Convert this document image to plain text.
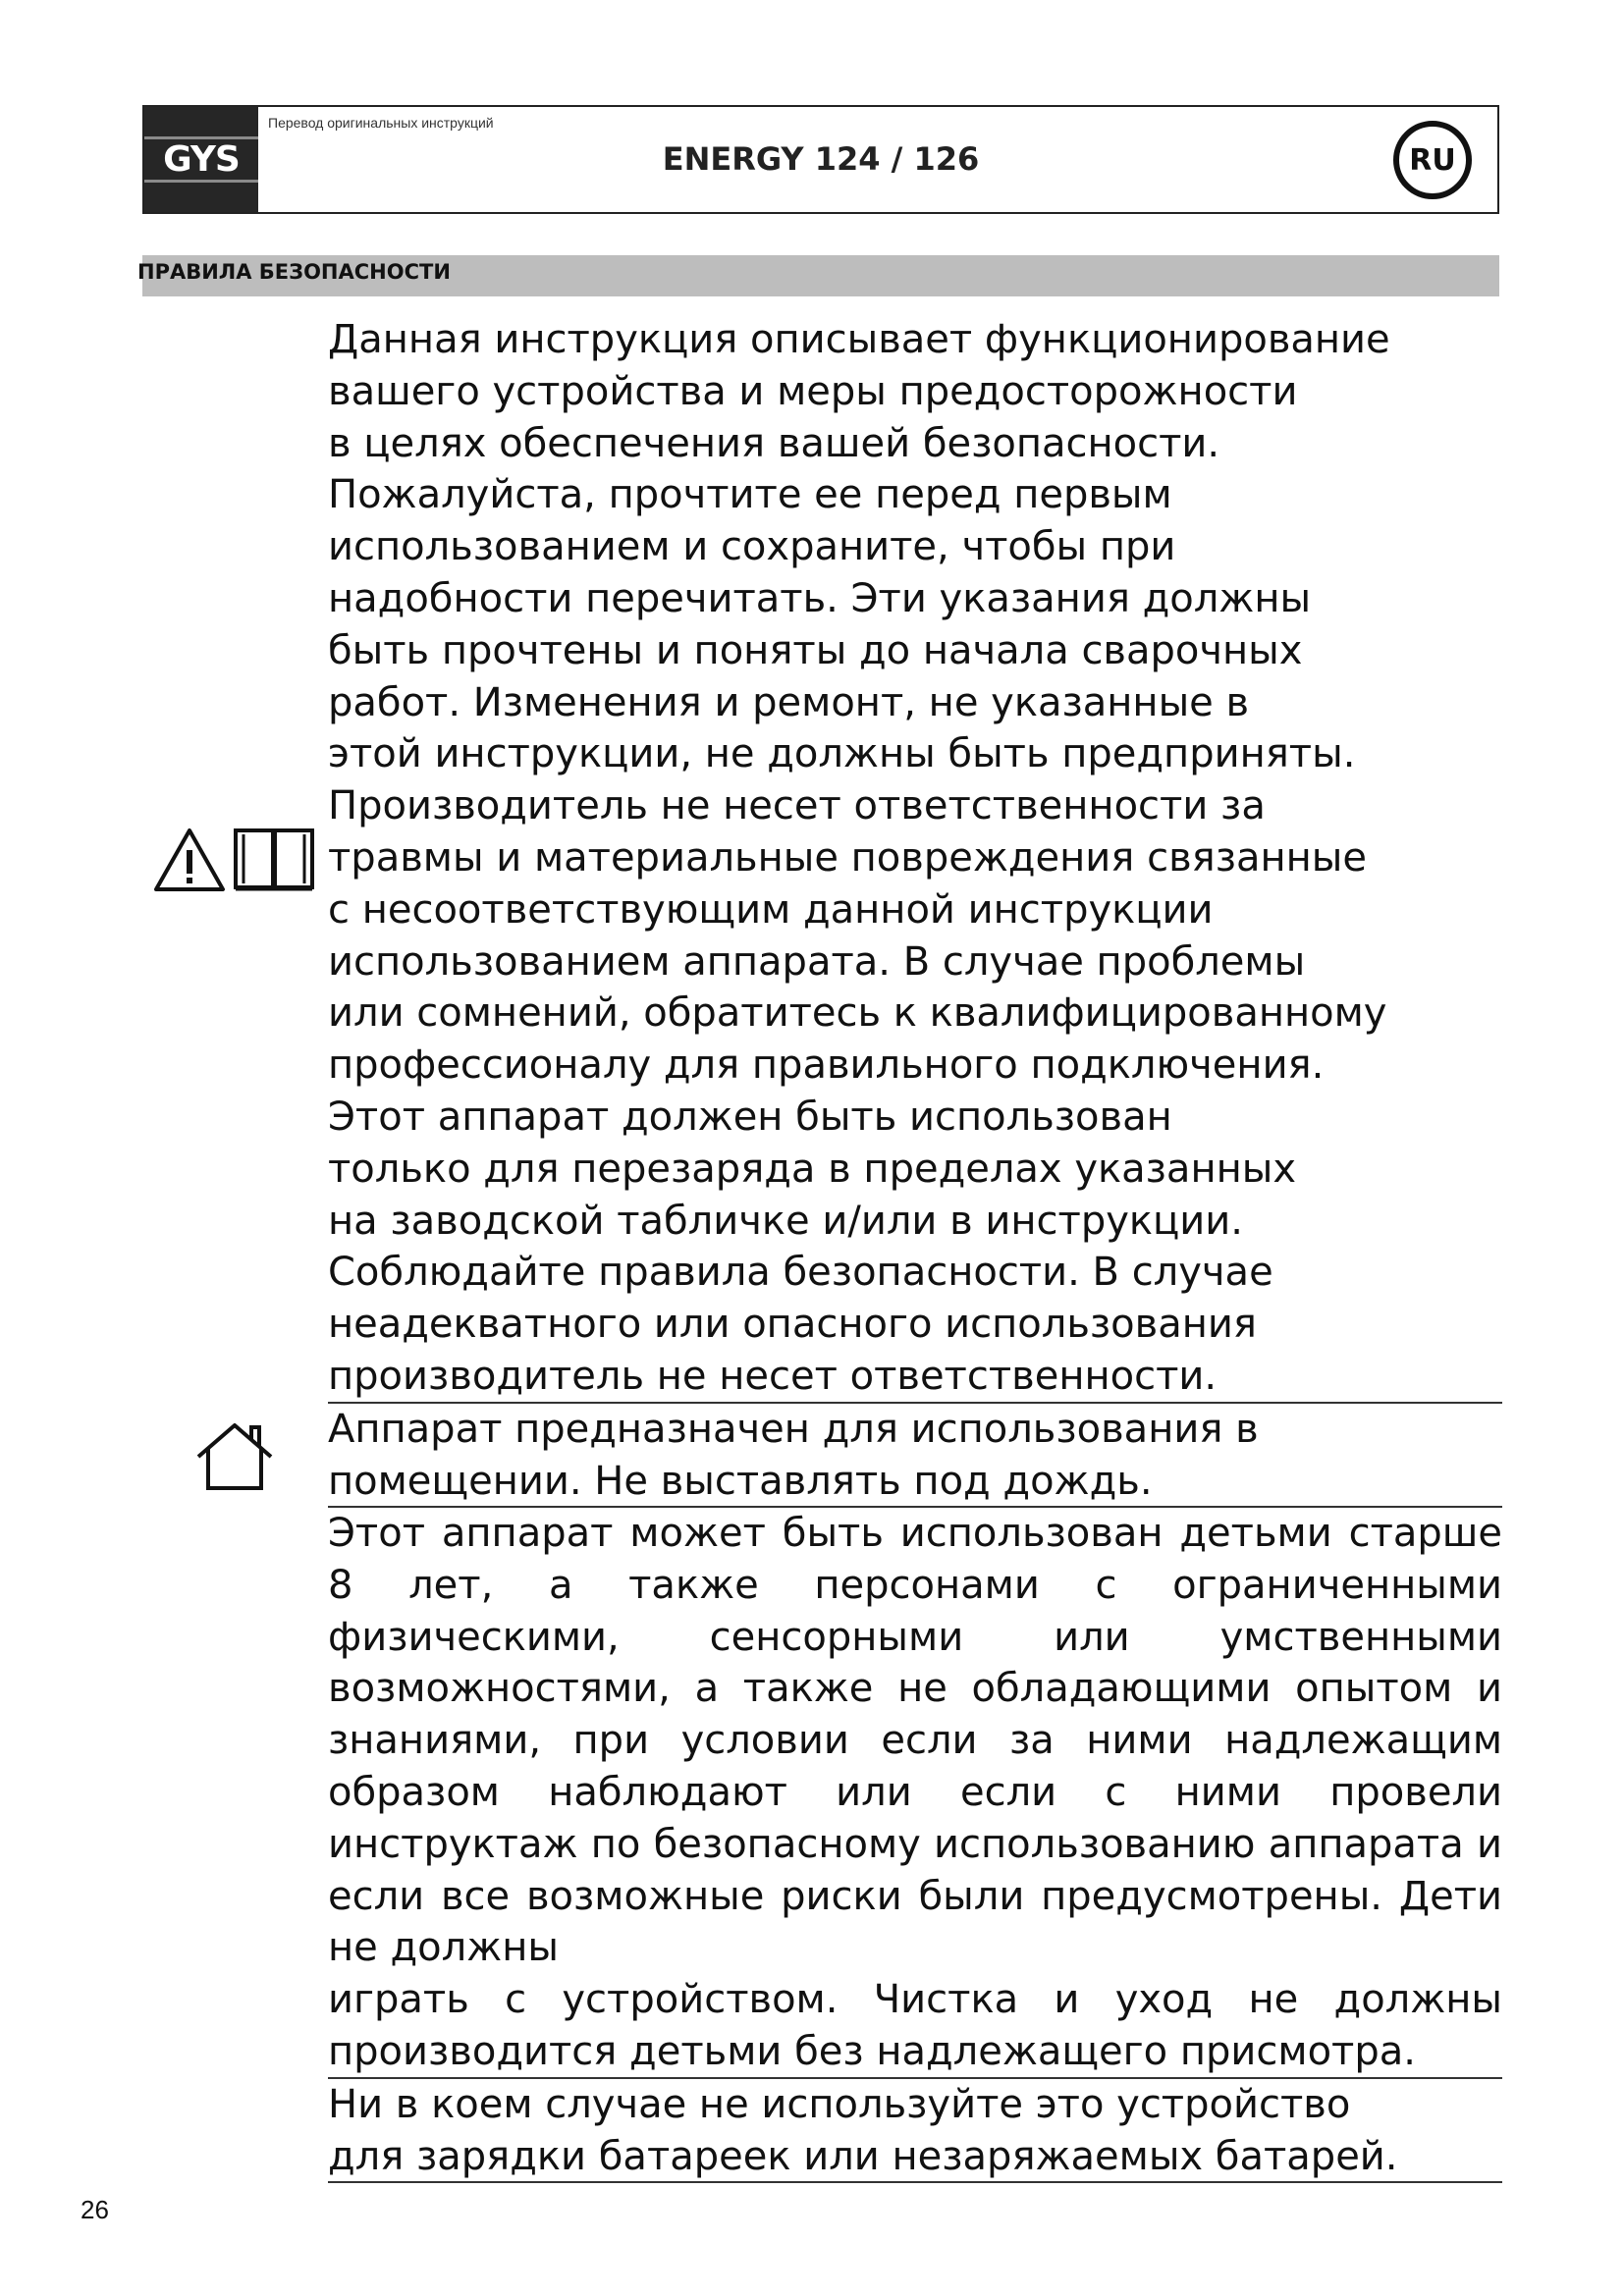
GYS
Перевод оригинальных инструкций
ENERGY 124 / 126	RU
ПРАВИЛА БЕЗОПАСНОСТИ

Данная инструкция описывает функционирование
вашего устройства и меры предосторожности
в целях обеспечения вашей безопасности.
Пожалуйста, прочтите ее перед первым
использованием и сохраните, чтобы при
надобности перечитать. Эти указания должны
быть прочтены и поняты до начала сварочных
работ. Изменения и ремонт, не указанные в
этой инструкции, не должны быть предприняты.
Производитель не несет ответственности за
травмы и материальные повреждения связанные
с несоответствующим данной инструкции
использованием аппарата. В случае проблемы
или сомнений, обратитесь к квалифицированному
профессионалу для правильного подключения.
Этот аппарат должен быть использован
только для перезаряда в пределах указанных
на заводской табличке и/или в инструкции.
Соблюдайте правила безопасности. В случае
неадекватного или опасного использования
производитель не несет ответственности.

Аппарат предназначен для использования в
помещении. Не выставлять под дождь.

Этот аппарат может быть использован детьми старше 8 лет, а также персонами с ограниченными физическими, сенсорными или умственными возможностями, а также не обладающими опытом и знаниями, при условии если за ними надлежащим образом наблюдают или если с ними провели инструктаж по безопасному использованию аппарата и если все возможные риски были предусмотрены. Дети не должны
играть с устройством. Чистка и уход не должны производится детьми без надлежащего присмотра.

Ни в коем случае не используйте это устройство
для зарядки батареек или незаряжаемых батарей.

26
